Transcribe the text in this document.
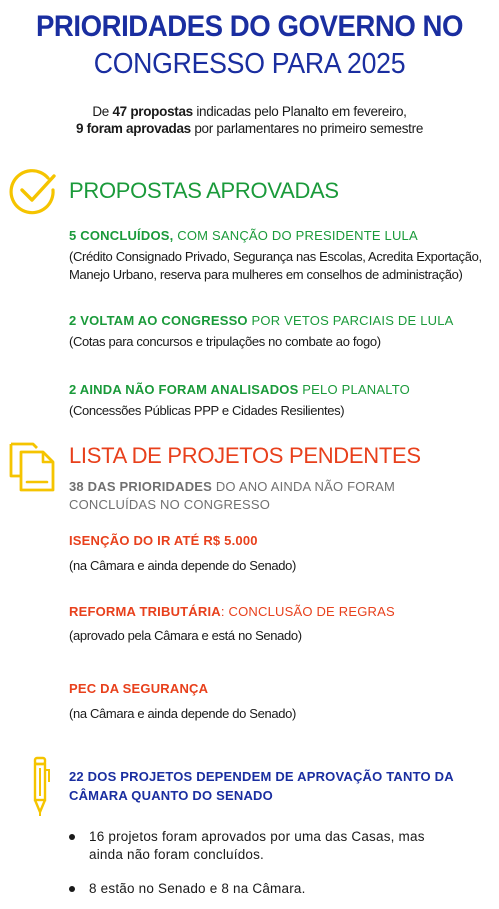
PRIORIDADES DO GOVERNO NO
CONGRESSO PARA 2025
De 47 propostas indicadas pelo Planalto em fevereiro,
9 foram aprovadas por parlamentares no primeiro semestre
PROPOSTAS APROVADAS
5 CONCLUÍDOS, COM SANÇÃO DO PRESIDENTE LULA
(Crédito Consignado Privado, Segurança nas Escolas, Acredita Exportação,
Manejo Urbano, reserva para mulheres em conselhos de administração)
2 VOLTAM AO CONGRESSO POR VETOS PARCIAIS DE LULA
(Cotas para concursos e tripulações no combate ao fogo)
2 AINDA NÃO FORAM ANALISADOS PELO PLANALTO
(Concessões Públicas PPP e Cidades Resilientes)
LISTA DE PROJETOS PENDENTES
38 DAS PRIORIDADES DO ANO AINDA NÃO FORAM
CONCLUÍDAS NO CONGRESSO
ISENÇÃO DO IR ATÉ R$ 5.000
(na Câmara e ainda depende do Senado)
REFORMA TRIBUTÁRIA: CONCLUSÃO DE REGRAS
(aprovado pela Câmara e está no Senado)
PEC DA SEGURANÇA
(na Câmara e ainda depende do Senado)
22 DOS PROJETOS DEPENDEM DE APROVAÇÃO TANTO DA
CÂMARA QUANTO DO SENADO
16 projetos foram aprovados por uma das Casas, mas
ainda não foram concluídos.
8 estão no Senado e 8 na Câmara.
